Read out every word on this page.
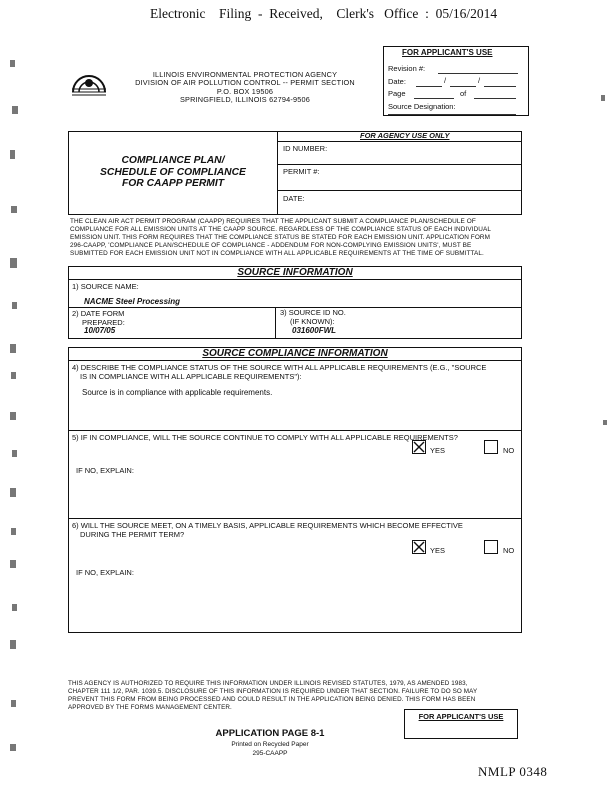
Electronic    Filing  -  Received,    Clerk's   Office  :  05/16/2014
FOR APPLICANT'S USE
Revision #:
Date:	/	/
Page	of
Source Designation:
ILLINOIS ENVIRONMENTAL PROTECTION AGENCY
DIVISION OF AIR POLLUTION CONTROL -- PERMIT SECTION
P.O. BOX 19506
SPRINGFIELD, ILLINOIS 62794-9506
COMPLIANCE PLAN/
SCHEDULE OF COMPLIANCE
FOR CAAPP PERMIT
FOR AGENCY USE ONLY
ID NUMBER:
PERMIT #:
DATE:
THE CLEAN AIR ACT PERMIT PROGRAM (CAAPP) REQUIRES THAT THE APPLICANT SUBMIT A COMPLIANCE PLAN/SCHEDULE OF
COMPLIANCE FOR ALL EMISSION UNITS AT THE CAAPP SOURCE. REGARDLESS OF THE COMPLIANCE STATUS OF EACH INDIVIDUAL
EMISSION UNIT. THIS FORM REQUIRES THAT THE COMPLIANCE STATUS BE STATED FOR EACH EMISSION UNIT. APPLICATION FORM
296-CAAPP, 'COMPLIANCE PLAN/SCHEDULE OF COMPLIANCE - ADDENDUM FOR NON-COMPLYING EMISSION UNITS', MUST BE
SUBMITTED FOR EACH EMISSION UNIT NOT IN COMPLIANCE WITH ALL APPLICABLE REQUIREMENTS AT THE TIME OF SUBMITTAL.
SOURCE INFORMATION
1) SOURCE NAME:
NACME Steel Processing
2) DATE FORM
PREPARED:
10/07/05
3) SOURCE ID NO.
(IF KNOWN):
031600FWL
SOURCE COMPLIANCE INFORMATION
4) DESCRIBE THE COMPLIANCE STATUS OF THE SOURCE WITH ALL APPLICABLE REQUIREMENTS (E.G., "SOURCE
IS IN COMPLIANCE WITH ALL APPLICABLE REQUIREMENTS"):
Source is in compliance with applicable requirements.
5) IF IN COMPLIANCE, WILL THE SOURCE CONTINUE TO COMPLY WITH ALL APPLICABLE REQUIREMENTS?
YES	NO
IF NO, EXPLAIN:
6) WILL THE SOURCE MEET, ON A TIMELY BASIS, APPLICABLE REQUIREMENTS WHICH BECOME EFFECTIVE
DURING THE PERMIT TERM?
YES	NO
IF NO, EXPLAIN:
THIS AGENCY IS AUTHORIZED TO REQUIRE THIS INFORMATION UNDER ILLINOIS REVISED STATUTES, 1979, AS AMENDED 1983,
CHAPTER 111 1/2, PAR. 1039.5. DISCLOSURE OF THIS INFORMATION IS REQUIRED UNDER THAT SECTION. FAILURE TO DO SO MAY
PREVENT THIS FORM FROM BEING PROCESSED AND COULD RESULT IN THE APPLICATION BEING DENIED. THIS FORM HAS BEEN
APPROVED BY THE FORMS MANAGEMENT CENTER.
FOR APPLICANT'S USE
APPLICATION PAGE 8-1
Printed on Recycled Paper
295-CAAPP
NMLP 0348
